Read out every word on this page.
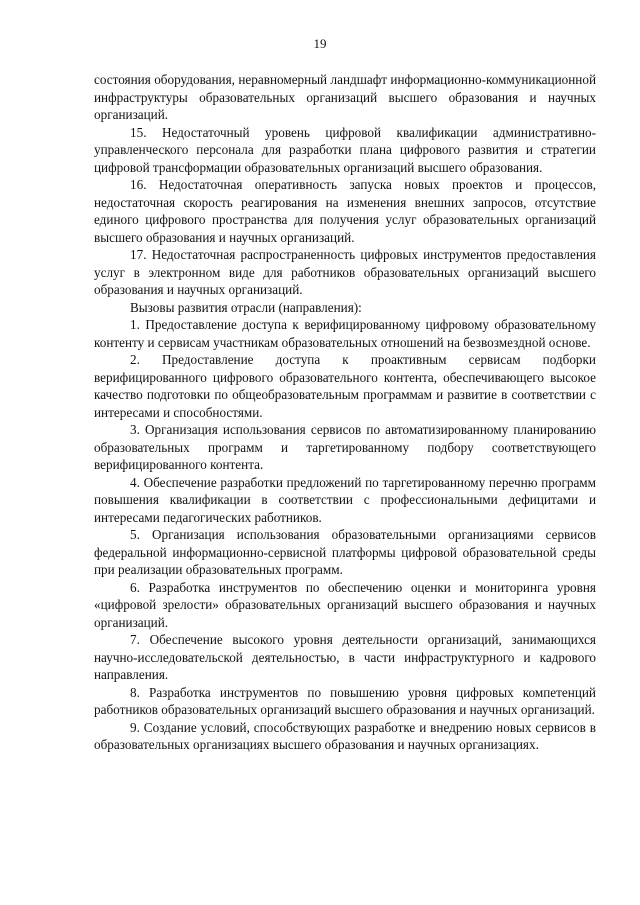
19

состояния оборудования, неравномерный ландшафт информационно-коммуникационной инфраструктуры образовательных организаций высшего образования и научных организаций.

15. Недостаточный уровень цифровой квалификации административно-управленческого персонала для разработки плана цифрового развития и стратегии цифровой трансформации образовательных организаций высшего образования.

16. Недостаточная оперативность запуска новых проектов и процессов, недостаточная скорость реагирования на изменения внешних запросов, отсутствие единого цифрового пространства для получения услуг образовательных организаций высшего образования и научных организаций.

17. Недостаточная распространенность цифровых инструментов предоставления услуг в электронном виде для работников образовательных организаций высшего образования и научных организаций.

Вызовы развития отрасли (направления):

1. Предоставление доступа к верифицированному цифровому образовательному контенту и сервисам участникам образовательных отношений на безвозмездной основе.

2. Предоставление доступа к проактивным сервисам подборки верифицированного цифрового образовательного контента, обеспечивающего высокое качество подготовки по общеобразовательным программам и развитие в соответствии с интересами и способностями.

3. Организация использования сервисов по автоматизированному планированию образовательных программ и таргетированному подбору соответствующего верифицированного контента.

4. Обеспечение разработки предложений по таргетированному перечню программ повышения квалификации в соответствии с профессиональными дефицитами и интересами педагогических работников.

5. Организация использования образовательными организациями сервисов федеральной информационно-сервисной платформы цифровой образовательной среды при реализации образовательных программ.

6. Разработка инструментов по обеспечению оценки и мониторинга уровня «цифровой зрелости» образовательных организаций высшего образования и научных организаций.

7. Обеспечение высокого уровня деятельности организаций, занимающихся научно-исследовательской деятельностью, в части инфраструктурного и кадрового направления.

8. Разработка инструментов по повышению уровня цифровых компетенций работников образовательных организаций высшего образования и научных организаций.

9. Создание условий, способствующих разработке и внедрению новых сервисов в образовательных организациях высшего образования и научных организациях.
